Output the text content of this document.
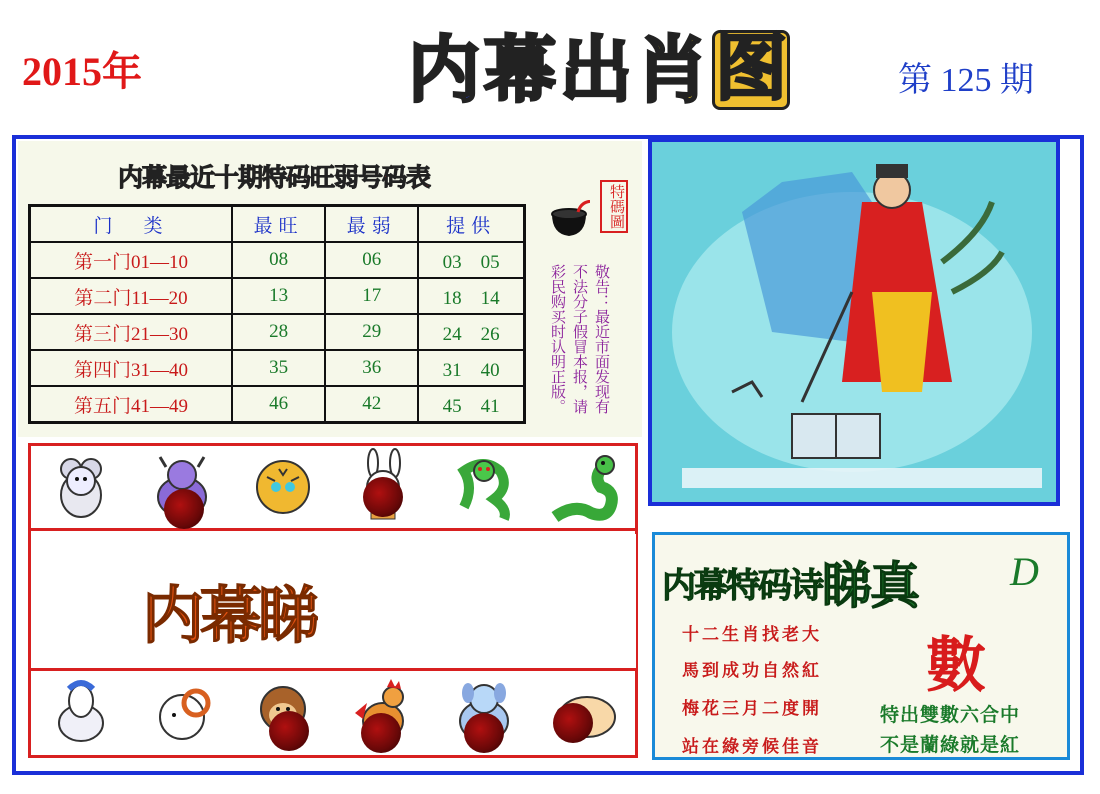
2015年	内 幕 出 肖 图	第 125 期
内幕最近十期特码旺弱号码表
门　类	最旺	最弱	提供
第一门01—10	08	06	03　05
第二门11—20	13	17	18　14
第三门21—30	28	29	24　26
第四门31—40	35	36	31　40
第五门41—49	46	42	45　41
特碼圖
敬告：最近市面发现有不法分子假冒本报，请彩民购买时认明正版。
内幕睇	内幕特码诗睇真 D
十二生肖找老大
馬到成功自然紅
梅花三月二度開
站在綠旁候佳音
數
特出雙數六合中
不是蘭綠就是紅
